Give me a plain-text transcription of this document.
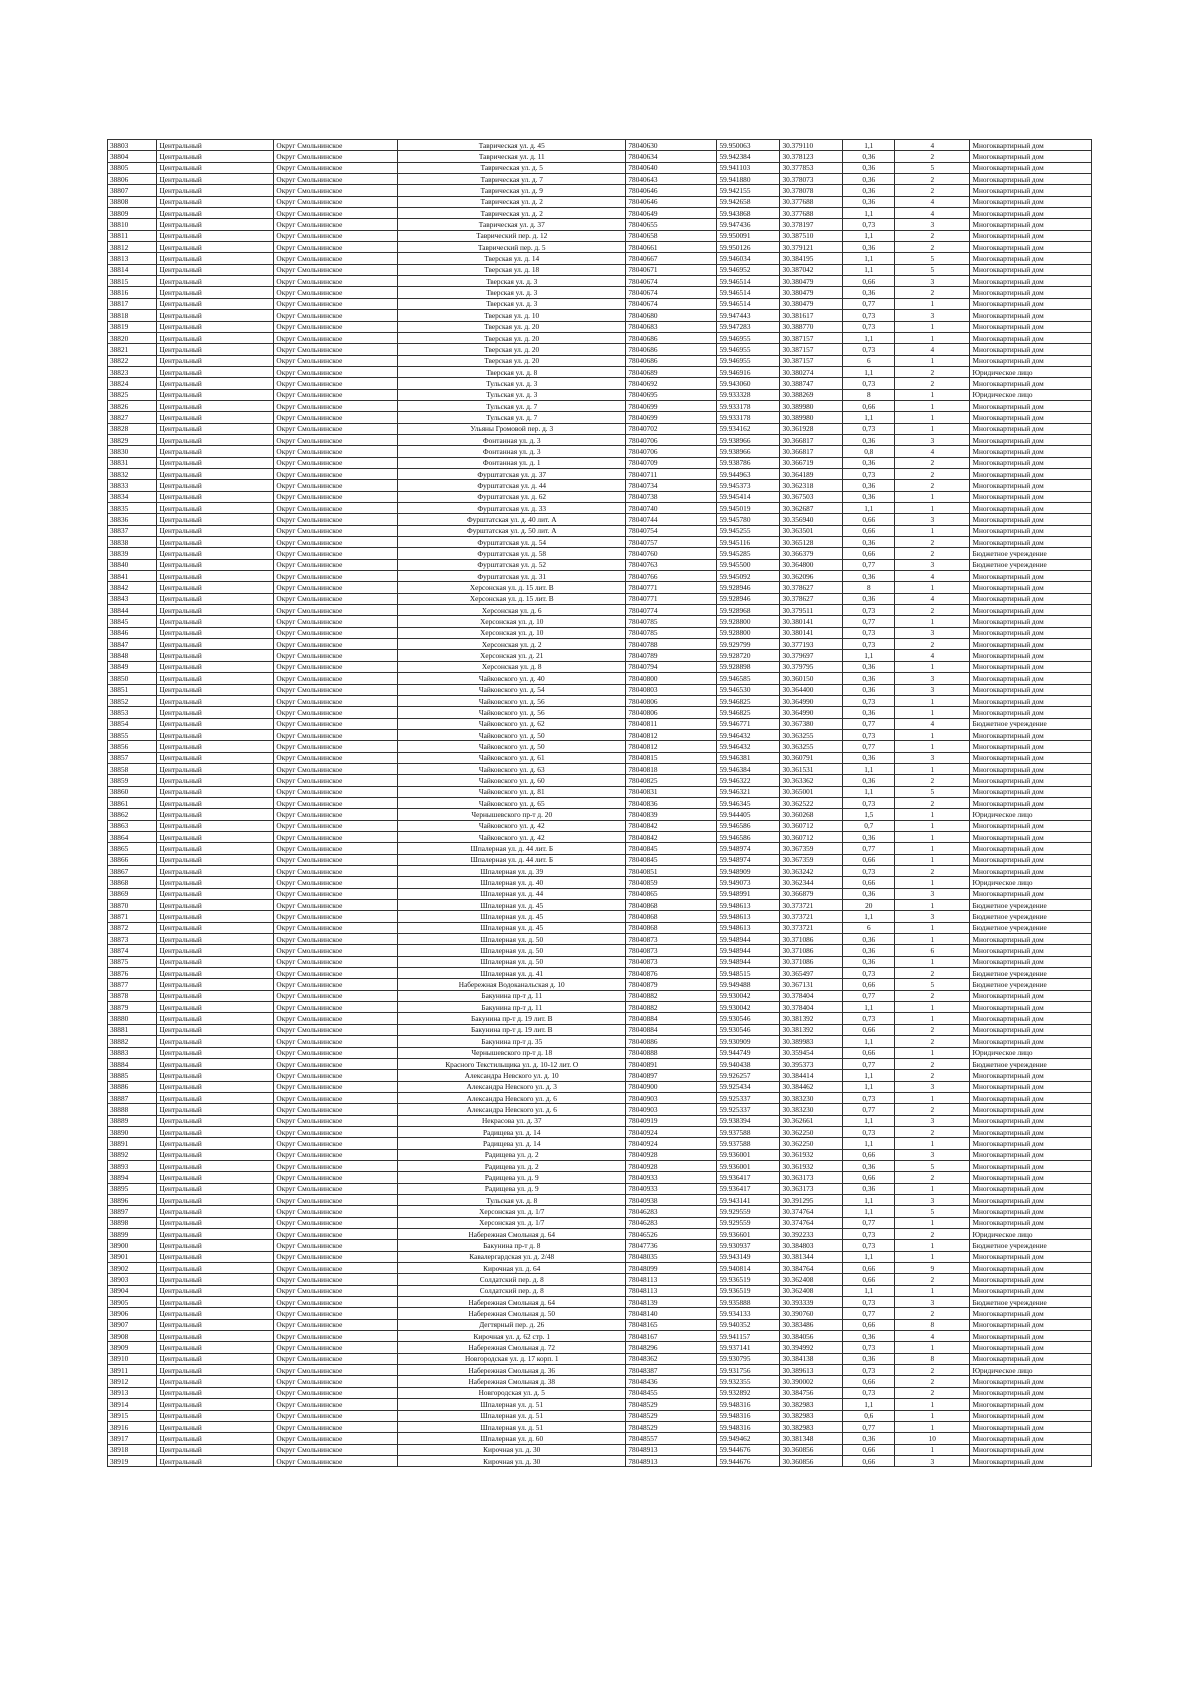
38803	Центральный	Округ Смольнинское	Таврическая ул. д. 45	78040630	59.950063	30.379110	1,1	4	Многоквартирный дом
38804	Центральный	Округ Смольнинское	Таврическая ул. д. 11	78040634	59.942384	30.378123	0,36	2	Многоквартирный дом
38805	Центральный	Округ Смольнинское	Таврическая ул. д. 5	78040640	59.941103	30.377853	0,36	5	Многоквартирный дом
38806	Центральный	Округ Смольнинское	Таврическая ул. д. 7	78040643	59.941880	30.378073	0,36	2	Многоквартирный дом
38807	Центральный	Округ Смольнинское	Таврическая ул. д. 9	78040646	59.942155	30.378078	0,36	2	Многоквартирный дом
38808	Центральный	Округ Смольнинское	Таврическая ул. д. 2	78040646	59.942658	30.377688	0,36	4	Многоквартирный дом
38809	Центральный	Округ Смольнинское	Таврическая ул. д. 2	78040649	59.943868	30.377688	1,1	4	Многоквартирный дом
38810	Центральный	Округ Смольнинское	Таврическая ул. д. 37	78040655	59.947436	30.378197	0,73	3	Многоквартирный дом
38811	Центральный	Округ Смольнинское	Таврический пер. д. 12	78040658	59.950091	30.387510	1,1	2	Многоквартирный дом
38812	Центральный	Округ Смольнинское	Таврический пер. д. 5	78040661	59.950126	30.379121	0,36	2	Многоквартирный дом
38813	Центральный	Округ Смольнинское	Тверская ул. д. 14	78040667	59.946034	30.384195	1,1	5	Многоквартирный дом
38814	Центральный	Округ Смольнинское	Тверская ул. д. 18	78040671	59.946952	30.387042	1,1	5	Многоквартирный дом
38815	Центральный	Округ Смольнинское	Тверская ул. д. 3	78040674	59.946514	30.380479	0,66	3	Многоквартирный дом
38816	Центральный	Округ Смольнинское	Тверская ул. д. 3	78040674	59.946514	30.380479	0,36	2	Многоквартирный дом
38817	Центральный	Округ Смольнинское	Тверская ул. д. 3	78040674	59.946514	30.380479	0,77	1	Многоквартирный дом
38818	Центральный	Округ Смольнинское	Тверская ул. д. 10	78040680	59.947443	30.381617	0,73	3	Многоквартирный дом
38819	Центральный	Округ Смольнинское	Тверская ул. д. 20	78040683	59.947283	30.388770	0,73	1	Многоквартирный дом
38820	Центральный	Округ Смольнинское	Тверская ул. д. 20	78040686	59.946955	30.387157	1,1	1	Многоквартирный дом
38821	Центральный	Округ Смольнинское	Тверская ул. д. 20	78040686	59.946955	30.387157	0,73	4	Многоквартирный дом
38822	Центральный	Округ Смольнинское	Тверская ул. д. 20	78040686	59.946955	30.387157	6	1	Многоквартирный дом
38823	Центральный	Округ Смольнинское	Тверская ул. д. 8	78040689	59.946916	30.380274	1,1	2	Юридическое лицо
38824	Центральный	Округ Смольнинское	Тульская ул. д. 3	78040692	59.943060	30.388747	0,73	2	Многоквартирный дом
38825	Центральный	Округ Смольнинское	Тульская ул. д. 3	78040695	59.933328	30.388269	8	1	Юридическое лицо
38826	Центральный	Округ Смольнинское	Тульская ул. д. 7	78040699	59.933178	30.389980	0,66	1	Многоквартирный дом
38827	Центральный	Округ Смольнинское	Тульская ул. д. 7	78040699	59.933178	30.389980	1,1	1	Многоквартирный дом
38828	Центральный	Округ Смольнинское	Ульяны Громовой пер. д. 3	78040702	59.934162	30.361928	0,73	1	Многоквартирный дом
38829	Центральный	Округ Смольнинское	Фонтанная ул. д. 3	78040706	59.938966	30.366817	0,36	3	Многоквартирный дом
38830	Центральный	Округ Смольнинское	Фонтанная ул. д. 3	78040706	59.938966	30.366817	0,8	4	Многоквартирный дом
38831	Центральный	Округ Смольнинское	Фонтанная ул. д. 1	78040709	59.938786	30.366719	0,36	2	Многоквартирный дом
38832	Центральный	Округ Смольнинское	Фурштатская ул. д. 37	78040711	59.944963	30.364189	0,73	2	Многоквартирный дом
38833	Центральный	Округ Смольнинское	Фурштатская ул. д. 44	78040734	59.945373	30.362318	0,36	2	Многоквартирный дом
38834	Центральный	Округ Смольнинское	Фурштатская ул. д. 62	78040738	59.945414	30.367503	0,36	1	Многоквартирный дом
38835	Центральный	Округ Смольнинское	Фурштатская ул. д. 33	78040740	59.945019	30.362687	1,1	1	Многоквартирный дом
38836	Центральный	Округ Смольнинское	Фурштатская ул. д. 40 лит. А	78040744	59.945780	30.356940	0,66	3	Многоквартирный дом
38837	Центральный	Округ Смольнинское	Фурштатская ул. д. 50 лит. А	78040754	59.945255	30.363501	0,66	1	Многоквартирный дом
38838	Центральный	Округ Смольнинское	Фурштатская ул. д. 54	78040757	59.945116	30.365128	0,36	2	Многоквартирный дом
38839	Центральный	Округ Смольнинское	Фурштатская ул. д. 58	78040760	59.945285	30.366379	0,66	2	Бюджетное учреждение
38840	Центральный	Округ Смольнинское	Фурштатская ул. д. 52	78040763	59.945500	30.364800	0,77	3	Бюджетное учреждение
38841	Центральный	Округ Смольнинское	Фурштатская ул. д. 31	78040766	59.945092	30.362096	0,36	4	Многоквартирный дом
38842	Центральный	Округ Смольнинское	Херсонская ул. д. 15 лит. В	78040771	59.928946	30.378627	8	1	Многоквартирный дом
38843	Центральный	Округ Смольнинское	Херсонская ул. д. 15 лит. В	78040771	59.928946	30.378627	0,36	4	Многоквартирный дом
38844	Центральный	Округ Смольнинское	Херсонская ул. д. 6	78040774	59.928968	30.379511	0,73	2	Многоквартирный дом
38845	Центральный	Округ Смольнинское	Херсонская ул. д. 10	78040785	59.928800	30.380141	0,77	1	Многоквартирный дом
38846	Центральный	Округ Смольнинское	Херсонская ул. д. 10	78040785	59.928800	30.380141	0,73	3	Многоквартирный дом
38847	Центральный	Округ Смольнинское	Херсонская ул. д. 2	78040788	59.929799	30.377193	0,73	2	Многоквартирный дом
38848	Центральный	Округ Смольнинское	Херсонская ул. д. 21	78040789	59.928720	30.379697	1,1	4	Многоквартирный дом
38849	Центральный	Округ Смольнинское	Херсонская ул. д. 8	78040794	59.928898	30.379795	0,36	1	Многоквартирный дом
38850	Центральный	Округ Смольнинское	Чайковского ул. д. 40	78040800	59.946585	30.360150	0,36	3	Многоквартирный дом
38851	Центральный	Округ Смольнинское	Чайковского ул. д. 54	78040803	59.946530	30.364400	0,36	3	Многоквартирный дом
38852	Центральный	Округ Смольнинское	Чайковского ул. д. 56	78040806	59.946825	30.364990	0,73	1	Многоквартирный дом
38853	Центральный	Округ Смольнинское	Чайковского ул. д. 56	78040806	59.946825	30.364990	0,36	1	Многоквартирный дом
38854	Центральный	Округ Смольнинское	Чайковского ул. д. 62	78040811	59.946771	30.367380	0,77	4	Бюджетное учреждение
38855	Центральный	Округ Смольнинское	Чайковского ул. д. 50	78040812	59.946432	30.363255	0,73	1	Многоквартирный дом
38856	Центральный	Округ Смольнинское	Чайковского ул. д. 50	78040812	59.946432	30.363255	0,77	1	Многоквартирный дом
38857	Центральный	Округ Смольнинское	Чайковского ул. д. 61	78040815	59.946381	30.360791	0,36	3	Многоквартирный дом
38858	Центральный	Округ Смольнинское	Чайковского ул. д. 63	78040818	59.946384	30.361531	1,1	1	Многоквартирный дом
38859	Центральный	Округ Смольнинское	Чайковского ул. д. 60	78040825	59.946322	30.363362	0,36	2	Многоквартирный дом
38860	Центральный	Округ Смольнинское	Чайковского ул. д. 81	78040831	59.946321	30.365001	1,1	5	Многоквартирный дом
38861	Центральный	Округ Смольнинское	Чайковского ул. д. 65	78040836	59.946345	30.362522	0,73	2	Многоквартирный дом
38862	Центральный	Округ Смольнинское	Чернышевского пр-т д. 20	78040839	59.944405	30.360268	1,5	1	Юридическое лицо
38863	Центральный	Округ Смольнинское	Чайковского ул. д. 42	78040842	59.946586	30.360712	0,7	1	Многоквартирный дом
38864	Центральный	Округ Смольнинское	Чайковского ул. д. 42	78040842	59.946586	30.360712	0,36	1	Многоквартирный дом
38865	Центральный	Округ Смольнинское	Шпалерная ул. д. 44 лит. Б	78040845	59.948974	30.367359	0,77	1	Многоквартирный дом
38866	Центральный	Округ Смольнинское	Шпалерная ул. д. 44 лит. Б	78040845	59.948974	30.367359	0,66	1	Многоквартирный дом
38867	Центральный	Округ Смольнинское	Шпалерная ул. д. 39	78040851	59.948909	30.363242	0,73	2	Многоквартирный дом
38868	Центральный	Округ Смольнинское	Шпалерная ул. д. 40	78040859	59.949073	30.362344	0,66	1	Юридическое лицо
38869	Центральный	Округ Смольнинское	Шпалерная ул. д. 44	78040865	59.948991	30.366879	0,36	3	Многоквартирный дом
38870	Центральный	Округ Смольнинское	Шпалерная ул. д. 45	78040868	59.948613	30.373721	20	1	Бюджетное учреждение
38871	Центральный	Округ Смольнинское	Шпалерная ул. д. 45	78040868	59.948613	30.373721	1,1	3	Бюджетное учреждение
38872	Центральный	Округ Смольнинское	Шпалерная ул. д. 45	78040868	59.948613	30.373721	6	1	Бюджетное учреждение
38873	Центральный	Округ Смольнинское	Шпалерная ул. д. 50	78040873	59.948944	30.371086	0,36	1	Многоквартирный дом
38874	Центральный	Округ Смольнинское	Шпалерная ул. д. 50	78040873	59.948944	30.371086	0,36	6	Многоквартирный дом
38875	Центральный	Округ Смольнинское	Шпалерная ул. д. 50	78040873	59.948944	30.371086	0,36	1	Многоквартирный дом
38876	Центральный	Округ Смольнинское	Шпалерная ул. д. 41	78040876	59.948515	30.365497	0,73	2	Бюджетное учреждение
38877	Центральный	Округ Смольнинское	Набережная Водоканальская д. 10	78040879	59.949488	30.367131	0,66	5	Бюджетное учреждение
38878	Центральный	Округ Смольнинское	Бакунина пр-т д. 11	78040882	59.930042	30.378404	0,77	2	Многоквартирный дом
38879	Центральный	Округ Смольнинское	Бакунина пр-т д. 11	78040882	59.930042	30.378404	1,1	1	Многоквартирный дом
38880	Центральный	Округ Смольнинское	Бакунина пр-т д. 19 лит. В	78040884	59.930546	30.381392	0,73	1	Многоквартирный дом
38881	Центральный	Округ Смольнинское	Бакунина пр-т д. 19 лит. В	78040884	59.930546	30.381392	0,66	2	Многоквартирный дом
38882	Центральный	Округ Смольнинское	Бакунина пр-т д. 35	78040886	59.930909	30.389983	1,1	2	Многоквартирный дом
38883	Центральный	Округ Смольнинское	Чернышевского пр-т д. 18	78040888	59.944749	30.359454	0,66	1	Юридическое лицо
38884	Центральный	Округ Смольнинское	Красного Текстильщика ул. д. 10-12 лит. О	78040891	59.940438	30.395373	0,77	2	Бюджетное учреждение
38885	Центральный	Округ Смольнинское	Александра Невского ул. д. 10	78040897	59.926257	30.384414	1,1	2	Многоквартирный дом
38886	Центральный	Округ Смольнинское	Александра Невского ул. д. 3	78040900	59.925434	30.384462	1,1	3	Многоквартирный дом
38887	Центральный	Округ Смольнинское	Александра Невского ул. д. 6	78040903	59.925337	30.383230	0,73	1	Многоквартирный дом
38888	Центральный	Округ Смольнинское	Александра Невского ул. д. 6	78040903	59.925337	30.383230	0,77	2	Многоквартирный дом
38889	Центральный	Округ Смольнинское	Некрасова ул. д. 37	78040919	59.938394	30.362661	1,1	3	Многоквартирный дом
38890	Центральный	Округ Смольнинское	Радищева ул. д. 14	78040924	59.937588	30.362250	0,73	2	Многоквартирный дом
38891	Центральный	Округ Смольнинское	Радищева ул. д. 14	78040924	59.937588	30.362250	1,1	1	Многоквартирный дом
38892	Центральный	Округ Смольнинское	Радищева ул. д. 2	78040928	59.936001	30.361932	0,66	3	Многоквартирный дом
38893	Центральный	Округ Смольнинское	Радищева ул. д. 2	78040928	59.936001	30.361932	0,36	5	Многоквартирный дом
38894	Центральный	Округ Смольнинское	Радищева ул. д. 9	78040933	59.936417	30.363173	0,66	2	Многоквартирный дом
38895	Центральный	Округ Смольнинское	Радищева ул. д. 9	78040933	59.936417	30.363173	0,36	1	Многоквартирный дом
38896	Центральный	Округ Смольнинское	Тульская ул. д. 8	78040938	59.943141	30.391295	1,1	3	Многоквартирный дом
38897	Центральный	Округ Смольнинское	Херсонская ул. д. 1/7	78046283	59.929559	30.374764	1,1	5	Многоквартирный дом
38898	Центральный	Округ Смольнинское	Херсонская ул. д. 1/7	78046283	59.929559	30.374764	0,77	1	Многоквартирный дом
38899	Центральный	Округ Смольнинское	Набережная Смольная д. 64	78046526	59.936601	30.392233	0,73	2	Юридическое лицо
38900	Центральный	Округ Смольнинское	Бакунина пр-т д. 8	78047736	59.930937	30.384803	0,73	1	Бюджетное учреждение
38901	Центральный	Округ Смольнинское	Кавалергардская ул. д. 2/48	78048035	59.943149	30.381344	1,1	1	Многоквартирный дом
38902	Центральный	Округ Смольнинское	Кирочная ул. д. 64	78048099	59.940814	30.384764	0,66	9	Многоквартирный дом
38903	Центральный	Округ Смольнинское	Солдатский пер. д. 8	78048113	59.936519	30.362408	0,66	2	Многоквартирный дом
38904	Центральный	Округ Смольнинское	Солдатский пер. д. 8	78048113	59.936519	30.362408	1,1	1	Многоквартирный дом
38905	Центральный	Округ Смольнинское	Набережная Смольная д. 64	78048139	59.935888	30.393339	0,73	3	Бюджетное учреждение
38906	Центральный	Округ Смольнинское	Набережная Смольная д. 50	78048140	59.934133	30.390760	0,77	2	Многоквартирный дом
38907	Центральный	Округ Смольнинское	Дегтярный пер. д. 26	78048165	59.940352	30.383486	0,66	8	Многоквартирный дом
38908	Центральный	Округ Смольнинское	Кирочная ул. д. 62 стр. 1	78048167	59.941157	30.384056	0,36	4	Многоквартирный дом
38909	Центральный	Округ Смольнинское	Набережная Смольная д. 72	78048296	59.937141	30.394992	0,73	1	Многоквартирный дом
38910	Центральный	Округ Смольнинское	Новгородская ул. д. 17 корп. 1	78048362	59.930795	30.384138	0,36	8	Многоквартирный дом
38911	Центральный	Округ Смольнинское	Набережная Смольная д. 36	78048387	59.931756	30.389613	0,73	2	Юридическое лицо
38912	Центральный	Округ Смольнинское	Набережная Смольная д. 38	78048436	59.932355	30.390002	0,66	2	Многоквартирный дом
38913	Центральный	Округ Смольнинское	Новгородская ул. д. 5	78048455	59.932892	30.384756	0,73	2	Многоквартирный дом
38914	Центральный	Округ Смольнинское	Шпалерная ул. д. 51	78048529	59.948316	30.382983	1,1	1	Многоквартирный дом
38915	Центральный	Округ Смольнинское	Шпалерная ул. д. 51	78048529	59.948316	30.382983	0,6	1	Многоквартирный дом
38916	Центральный	Округ Смольнинское	Шпалерная ул. д. 51	78048529	59.948316	30.382983	0,77	1	Многоквартирный дом
38917	Центральный	Округ Смольнинское	Шпалерная ул. д. 60	78048557	59.949462	30.381348	0,36	10	Многоквартирный дом
38918	Центральный	Округ Смольнинское	Кирочная ул. д. 30	78048913	59.944676	30.360856	0,66	1	Многоквартирный дом
38919	Центральный	Округ Смольнинское	Кирочная ул. д. 30	78048913	59.944676	30.360856	0,66	3	Многоквартирный дом
